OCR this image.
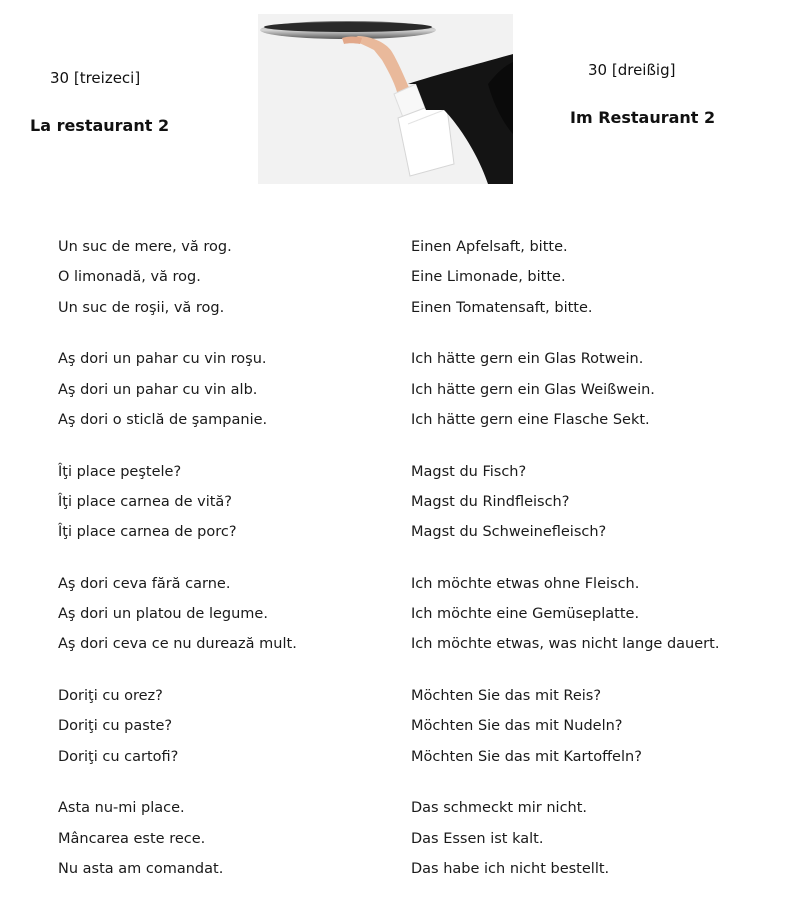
30 [treizeci]
La restaurant 2
30 [dreißig]
Im Restaurant 2
Un suc de mere, vă rog.
O limonadă, vă rog.
Un suc de roşii, vă rog.
Aş dori un pahar cu vin roşu.
Aş dori un pahar cu vin alb.
Aş dori o sticlă de şampanie.
Îţi place peştele?
Îţi place carnea de vită?
Îţi place carnea de porc?
Aş dori ceva fără carne.
Aş dori un platou de legume.
Aş dori ceva ce nu durează mult.
Doriţi cu orez?
Doriţi cu paste?
Doriţi cu cartofi?
Asta nu-mi place.
Mâncarea este rece.
Nu asta am comandat.
Einen Apfelsaft, bitte.
Eine Limonade, bitte.
Einen Tomatensaft, bitte.
Ich hätte gern ein Glas Rotwein.
Ich hätte gern ein Glas Weißwein.
Ich hätte gern eine Flasche Sekt.
Magst du Fisch?
Magst du Rindfleisch?
Magst du Schweinefleisch?
Ich möchte etwas ohne Fleisch.
Ich möchte eine Gemüseplatte.
Ich möchte etwas, was nicht lange dauert.
Möchten Sie das mit Reis?
Möchten Sie das mit Nudeln?
Möchten Sie das mit Kartoffeln?
Das schmeckt mir nicht.
Das Essen ist kalt.
Das habe ich nicht bestellt.
